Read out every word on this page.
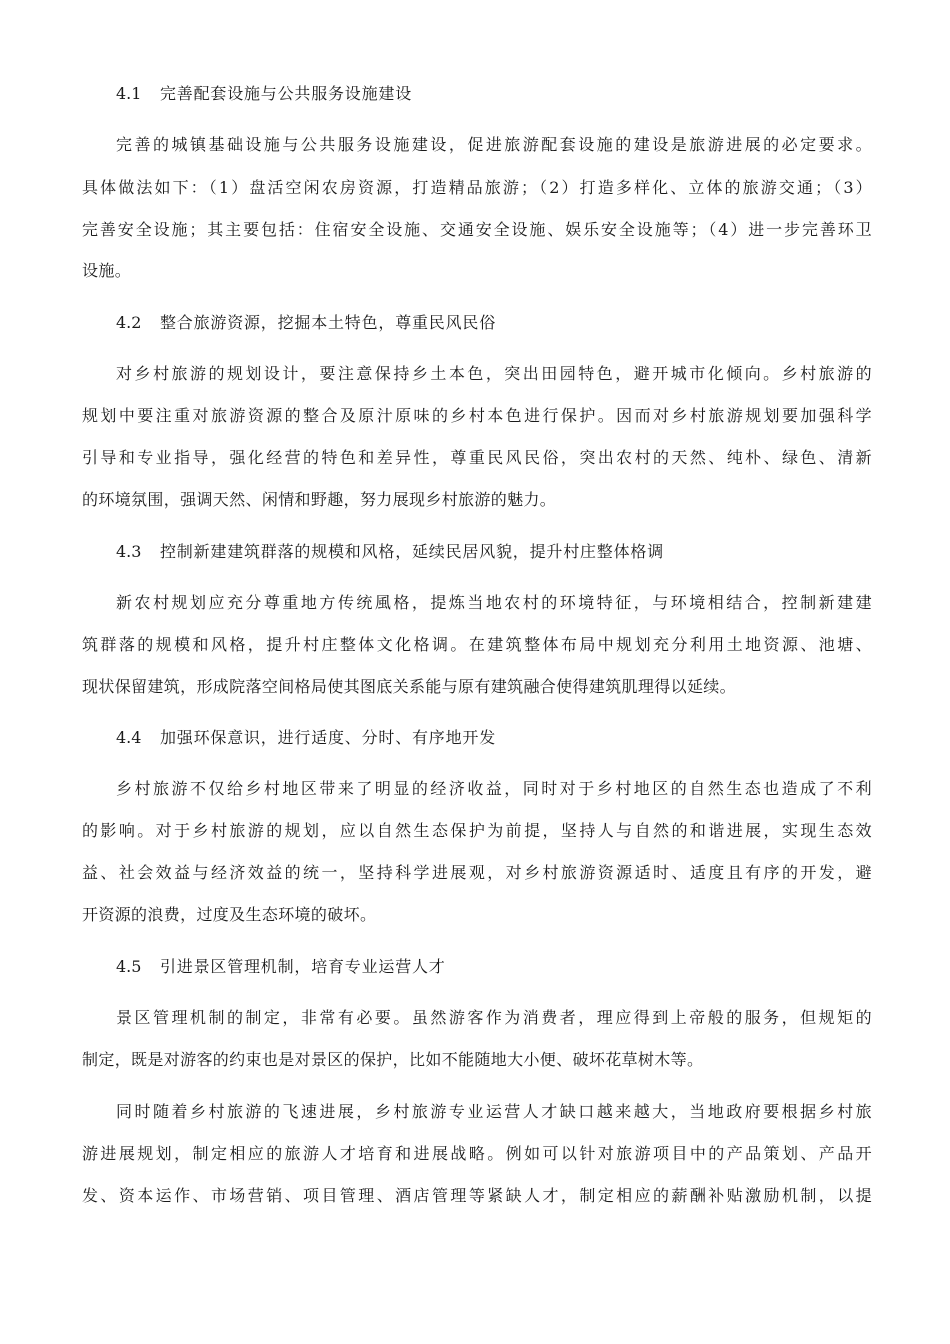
4.1 完善配套设施与公共服务设施建设
完善的城镇基础设施与公共服务设施建设，促进旅游配套设施的建设是旅游进展的必定要求。
具体做法如下：（1）盘活空闲农房资源，打造精品旅游；（2）打造多样化、立体的旅游交通；（3）
完善安全设施；其主要包括：住宿安全设施、交通安全设施、娱乐安全设施等；（4）进一步完善环卫
设施。
4.2 整合旅游资源，挖掘本土特色，尊重民风民俗
对乡村旅游的规划设计，要注意保持乡土本色，突出田园特色，避开城市化倾向。乡村旅游的
规划中要注重对旅游资源的整合及原汁原味的乡村本色进行保护。因而对乡村旅游规划要加强科学
引导和专业指导，强化经营的特色和差异性，尊重民风民俗，突出农村的天然、纯朴、绿色、清新
的环境氛围，强调天然、闲情和野趣，努力展现乡村旅游的魅力。
4.3 控制新建建筑群落的规模和风格，延续民居风貌，提升村庄整体格调
新农村规划应充分尊重地方传统風格，提炼当地农村的环境特征，与环境相结合，控制新建建
筑群落的规模和风格，提升村庄整体文化格调。在建筑整体布局中规划充分利用土地资源、池塘、
现状保留建筑，形成院落空间格局使其图底关系能与原有建筑融合使得建筑肌理得以延续。
4.4 加强环保意识，进行适度、分时、有序地开发
乡村旅游不仅给乡村地区带来了明显的经济收益，同时对于乡村地区的自然生态也造成了不利
的影响。对于乡村旅游的规划，应以自然生态保护为前提，坚持人与自然的和谐进展，实现生态效
益、社会效益与经济效益的统一，坚持科学进展观，对乡村旅游资源适时、适度且有序的开发，避
开资源的浪费，过度及生态环境的破坏。
4.5 引进景区管理机制，培育专业运营人才
景区管理机制的制定，非常有必要。虽然游客作为消费者，理应得到上帝般的服务，但规矩的
制定，既是对游客的约束也是对景区的保护，比如不能随地大小便、破坏花草树木等。
同时随着乡村旅游的飞速进展，乡村旅游专业运营人才缺口越来越大，当地政府要根据乡村旅
游进展规划，制定相应的旅游人才培育和进展战略。例如可以针对旅游项目中的产品策划、产品开
发、资本运作、市场营销、项目管理、酒店管理等紧缺人才，制定相应的薪酬补贴激励机制，以提
